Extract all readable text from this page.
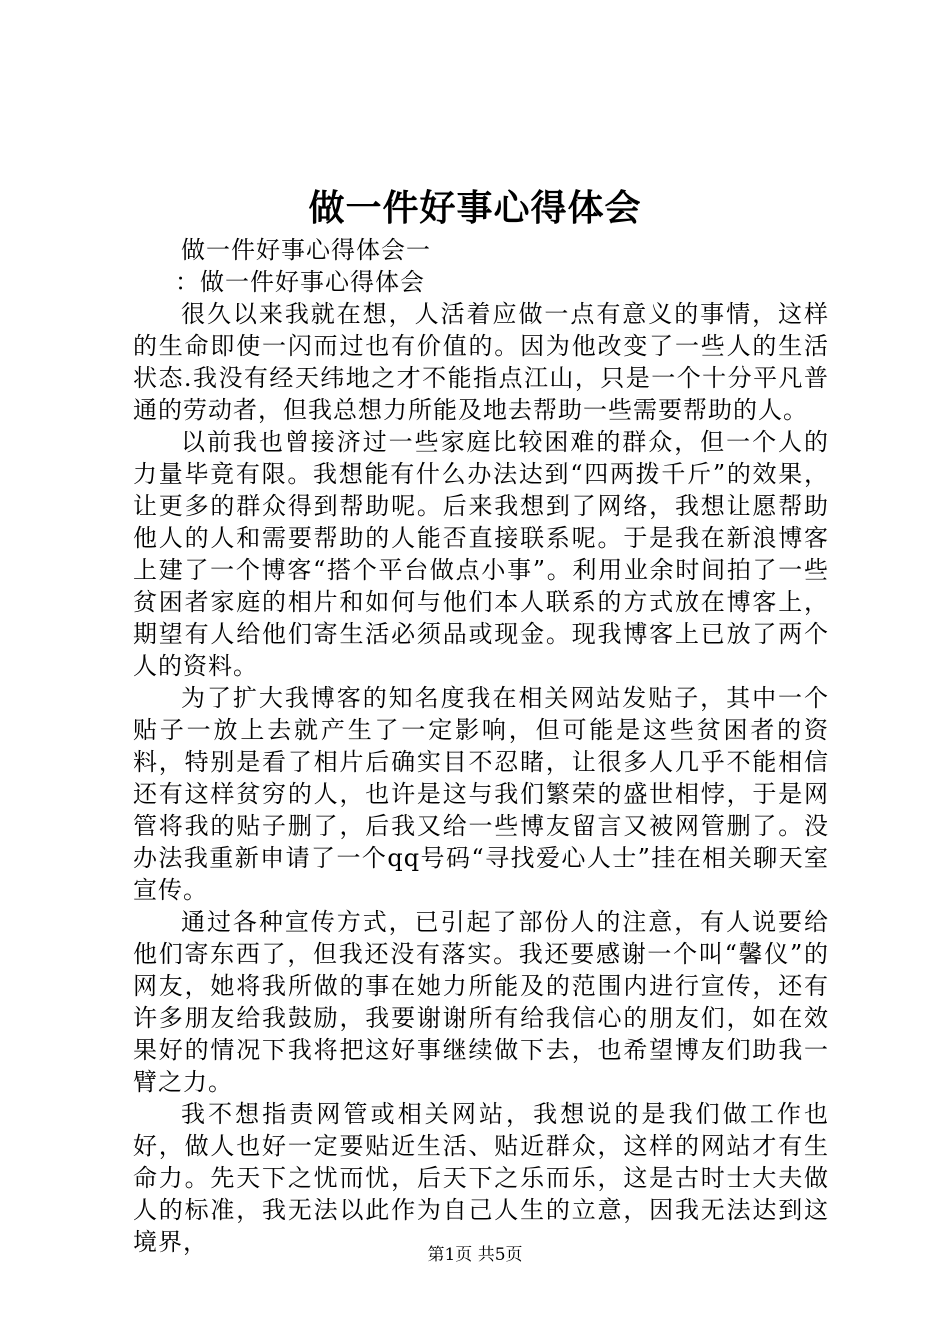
做一件好事心得体会

做一件好事心得体会一

：做一件好事心得体会

很久以来我就在想，人活着应做一点有意义的事情，这样的生命即使一闪而过也有价值的。因为他改变了一些人的生活状态.我没有经天纬地之才不能指点江山，只是一个十分平凡普通的劳动者，但我总想力所能及地去帮助一些需要帮助的人。

以前我也曾接济过一些家庭比较困难的群众，但一个人的力量毕竟有限。我想能有什么办法达到“四两拨千斤”的效果，让更多的群众得到帮助呢。后来我想到了网络，我想让愿帮助他人的人和需要帮助的人能否直接联系呢。于是我在新浪博客上建了一个博客“搭个平台做点小事”。利用业余时间拍了一些贫困者家庭的相片和如何与他们本人联系的方式放在博客上，期望有人给他们寄生活必须品或现金。现我博客上已放了两个人的资料。

为了扩大我博客的知名度我在相关网站发贴子，其中一个贴子一放上去就产生了一定影响，但可能是这些贫困者的资料，特别是看了相片后确实目不忍睹，让很多人几乎不能相信还有这样贫穷的人，也许是这与我们繁荣的盛世相悖，于是网管将我的贴子删了，后我又给一些博友留言又被网管删了。没办法我重新申请了一个qq号码“寻找爱心人士”挂在相关聊天室宣传。

通过各种宣传方式，已引起了部份人的注意，有人说要给他们寄东西了，但我还没有落实。我还要感谢一个叫“馨仪”的网友，她将我所做的事在她力所能及的范围内进行宣传，还有许多朋友给我鼓励，我要谢谢所有给我信心的朋友们，如在效果好的情况下我将把这好事继续做下去，也希望博友们助我一臂之力。

我不想指责网管或相关网站，我想说的是我们做工作也好，做人也好一定要贴近生活、贴近群众，这样的网站才有生命力。先天下之忧而忧，后天下之乐而乐，这是古时士大夫做人的标准，我无法以此作为自己人生的立意，因我无法达到这境界，	第1页 共5页
